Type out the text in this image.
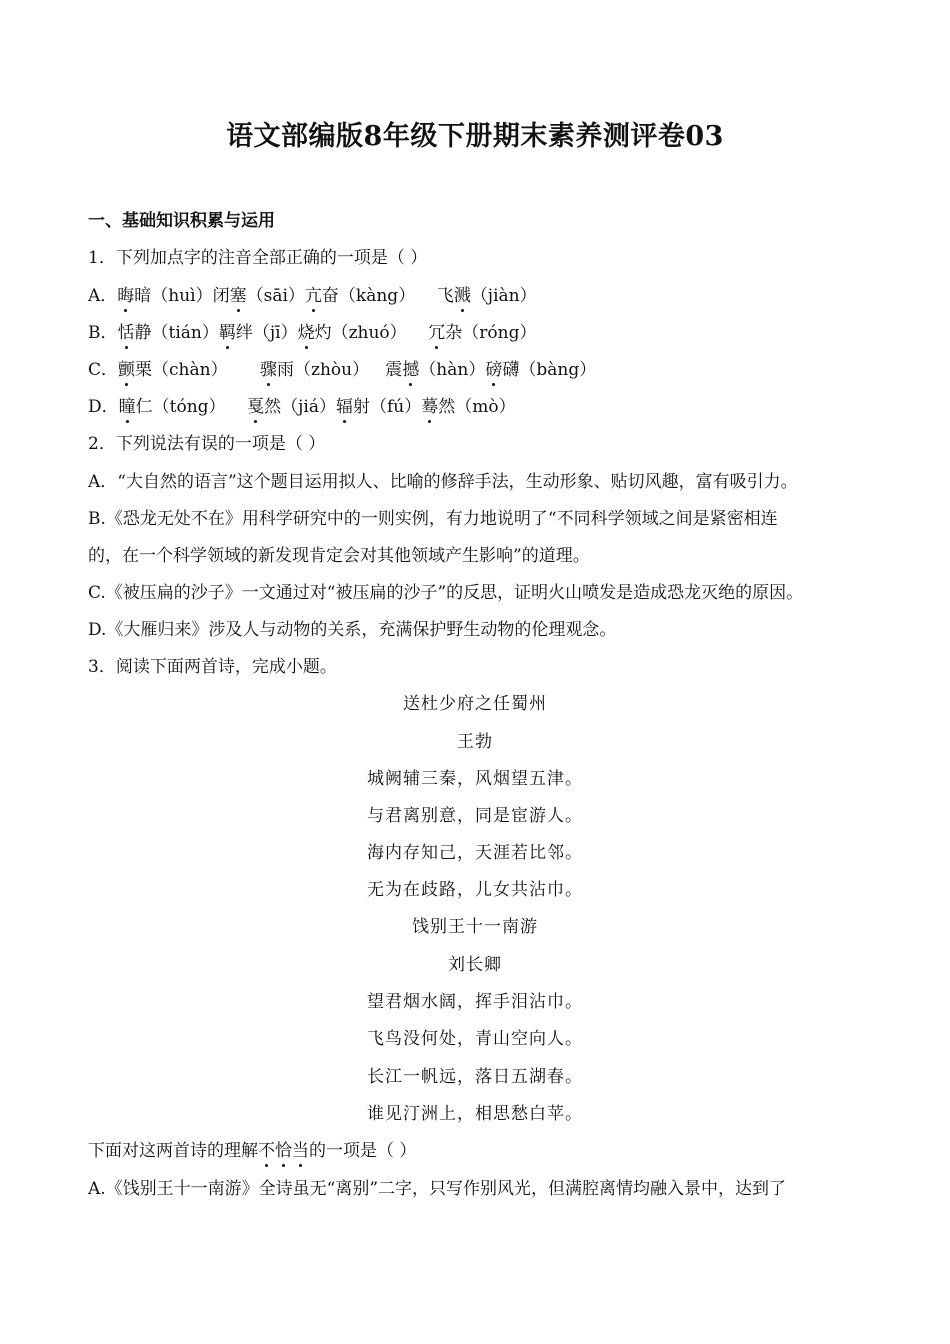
语文部编版8年级下册期末素养测评卷03
一、基础知识积累与运用
1．下列加点字的注音全部正确的一项是（ ）
A．晦暗（huì）闭塞（sāi）亢奋（kàng）    飞溅（jiàn）
B．恬静（tián）羁绊（jī）烧灼（zhuó）    冗杂（róng）
C．颤栗（chàn）      骤雨（zhòu）   震撼（hàn）磅礴（bàng）
D．瞳仁（tóng）    戛然（jiá）辐射（fú）蓦然（mò）
2．下列说法有误的一项是（ ）
A．“大自然的语言”这个题目运用拟人、比喻的修辞手法，生动形象、贴切风趣，富有吸引力。
B.《恐龙无处不在》用科学研究中的一则实例，有力地说明了“不同科学领域之间是紧密相连
的，在一个科学领域的新发现肯定会对其他领域产生影响”的道理。
C.《被压扁的沙子》一文通过对“被压扁的沙子”的反思，证明火山喷发是造成恐龙灭绝的原因。
D.《大雁归来》涉及人与动物的关系，充满保护野生动物的伦理观念。
3．阅读下面两首诗，完成小题。
送杜少府之任蜀州
王勃
城阙辅三秦，风烟望五津。
与君离别意，同是宦游人。
海内存知己，天涯若比邻。
无为在歧路，儿女共沾巾。
饯别王十一南游
刘长卿
望君烟水阔，挥手泪沾巾。
飞鸟没何处，青山空向人。
长江一帆远，落日五湖春。
谁见汀洲上，相思愁白苹。
下面对这两首诗的理解不恰当的一项是（ ）
A.《饯别王十一南游》全诗虽无“离别”二字，只写作别风光，但满腔离情均融入景中，达到了
